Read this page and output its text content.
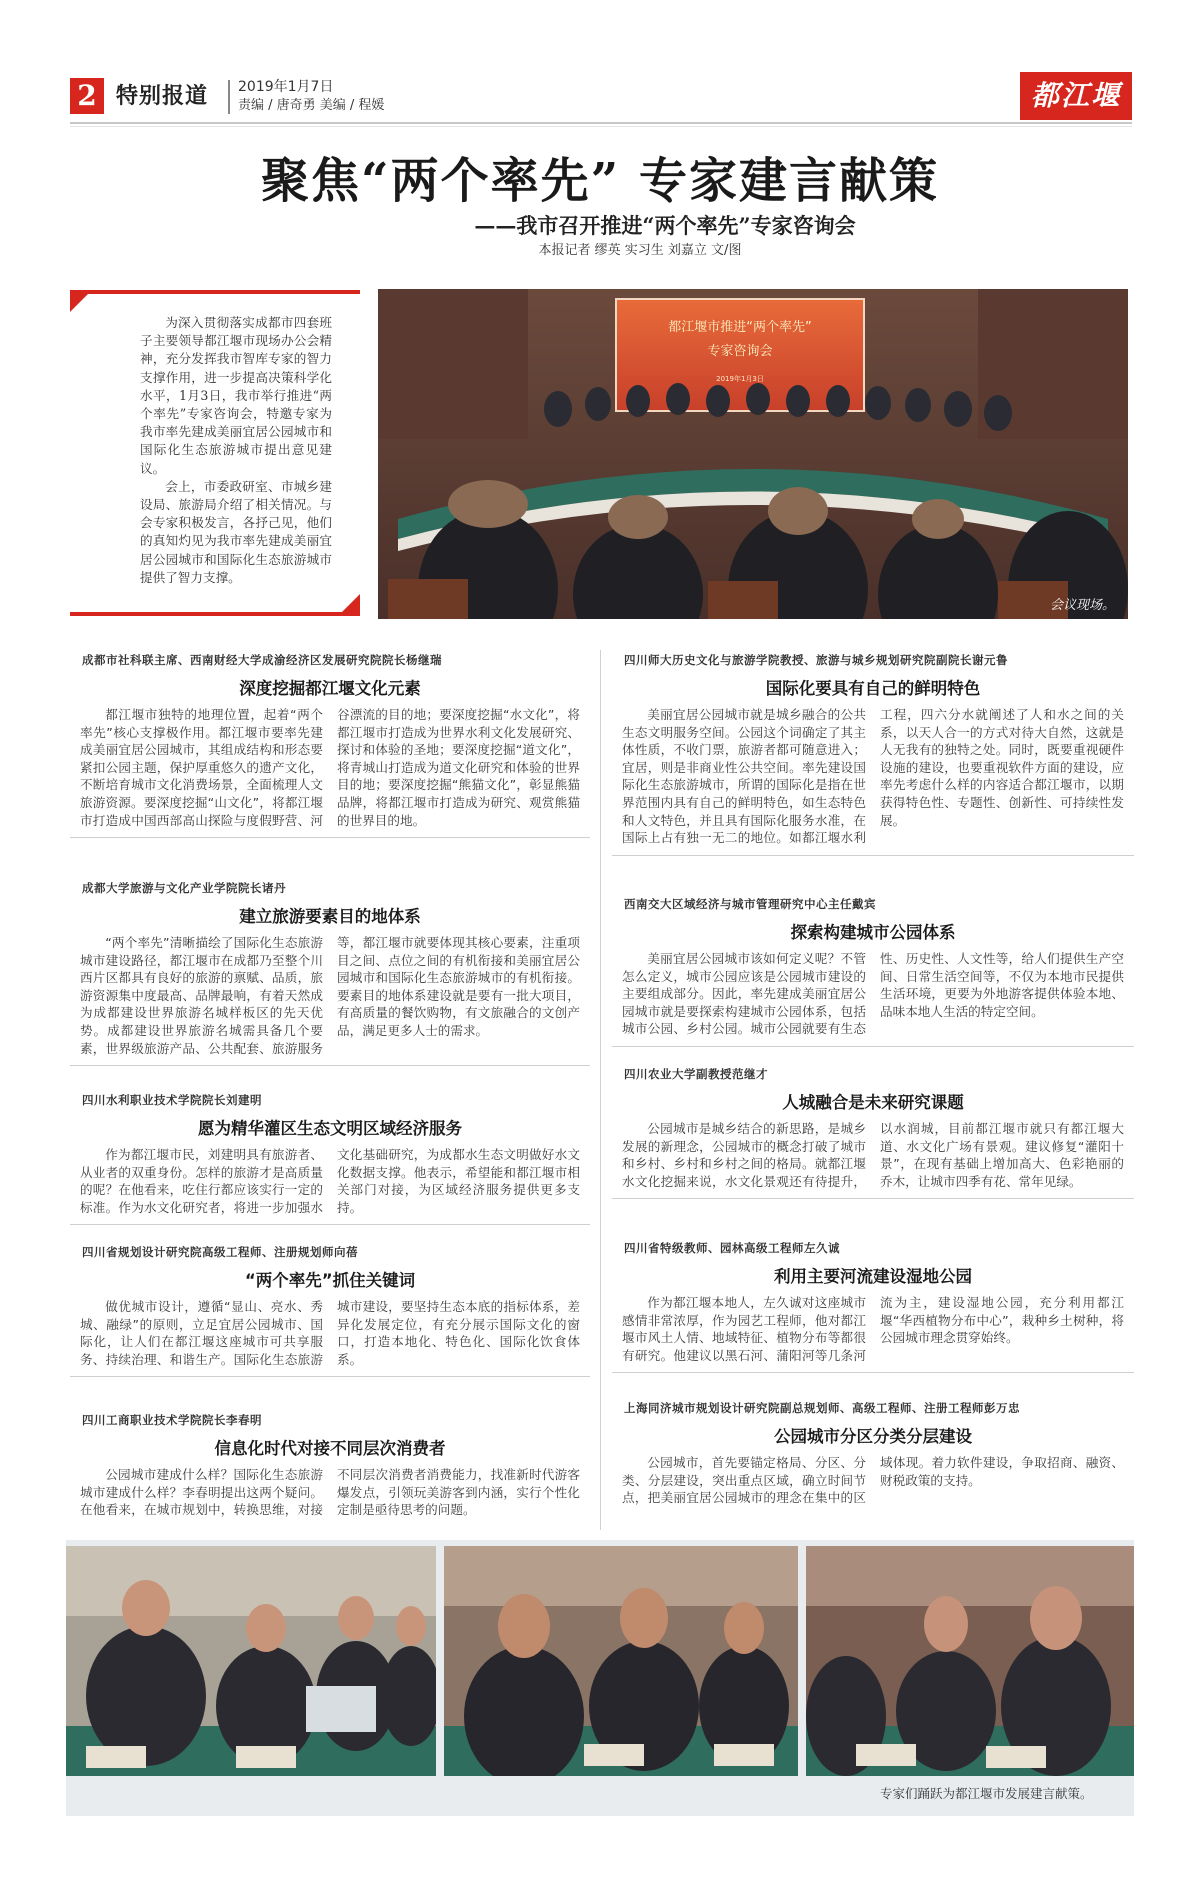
2 特别报道 2019年1月7日
责编 / 唐奇勇 美编 / 程媛	都江堰报
聚焦“两个率先” 专家建言献策
——我市召开推进“两个率先”专家咨询会
本报记者 缪英 实习生 刘嘉立 文/图

为深入贯彻落实成都市四套班子主要领导都江堰市现场办公会精神，充分发挥我市智库专家的智力支撑作用，进一步提高决策科学化水平，1月3日，我市举行推进“两个率先”专家咨询会，特邀专家为我市率先建成美丽宜居公园城市和国际化生态旅游城市提出意见建议。

会上，市委政研室、市城乡建设局、旅游局介绍了相关情况。与会专家积极发言，各抒己见，他们的真知灼见为我市率先建成美丽宜居公园城市和国际化生态旅游城市提供了智力支撑。

都江堰市推进“两个率先”
专家咨询会
2019年1月3日
会议现场。
成都市社科联主席、西南财经大学成渝经济区发展研究院院长杨继瑞
深度挖掘都江堰文化元素

都江堰市独特的地理位置，起着“两个率先”核心支撑极作用。都江堰市要率先建成美丽宜居公园城市，其组成结构和形态要紧扣公园主题，保护厚重悠久的遗产文化，不断培育城市文化消费场景，全面梳理人文旅游资源。要深度挖掘“山文化”，将都江堰市打造成中国西部高山探险与度假野营、河谷漂流的目的地；要深度挖掘“水文化”，将都江堰市打造成为世界水利文化发展研究、探讨和体验的圣地；要深度挖掘“道文化”，将青城山打造成为道文化研究和体验的世界目的地；要深度挖掘“熊猫文化”，彰显熊猫品牌，将都江堰市打造成为研究、观赏熊猫的世界目的地。

成都大学旅游与文化产业学院院长诸丹
建立旅游要素目的地体系

“两个率先”清晰描绘了国际化生态旅游城市建设路径，都江堰市在成都乃至整个川西片区都具有良好的旅游的禀赋、品质，旅游资源集中度最高、品牌最响，有着天然成为成都建设世界旅游名城样板区的先天优势。成都建设世界旅游名城需具备几个要素，世界级旅游产品、公共配套、旅游服务等，都江堰市就要体现其核心要素，注重项目之间、点位之间的有机衔接和美丽宜居公园城市和国际化生态旅游城市的有机衔接。要素目的地体系建设就是要有一批大项目，有高质量的餐饮购物，有文旅融合的文创产品，满足更多人士的需求。

四川水利职业技术学院院长刘建明
愿为精华灌区生态文明区域经济服务

作为都江堰市民，刘建明具有旅游者、从业者的双重身份。怎样的旅游才是高质量的呢？在他看来，吃住行都应该实行一定的标准。作为水文化研究者，将进一步加强水文化基础研究，为成都水生态文明做好水文化数据支撑。他表示，希望能和都江堰市相关部门对接，为区域经济服务提供更多支持。

四川省规划设计研究院高级工程师、注册规划师向蓓
“两个率先”抓住关键词

做优城市设计，遵循“显山、亮水、秀城、融绿”的原则，立足宜居公园城市、国际化，让人们在都江堰这座城市可共享服务、持续治理、和谐生产。国际化生态旅游城市建设，要坚持生态本底的指标体系，差异化发展定位，有充分展示国际文化的窗口，打造本地化、特色化、国际化饮食体系。

四川工商职业技术学院院长李春明
信息化时代对接不同层次消费者

公园城市建成什么样？国际化生态旅游城市建成什么样？李春明提出这两个疑问。在他看来，在城市规划中，转换思维，对接不同层次消费者消费能力，找准新时代游客爆发点，引领玩美游客到内涵，实行个性化定制是亟待思考的问题。

四川师大历史文化与旅游学院教授、旅游与城乡规划研究院副院长谢元鲁
国际化要具有自己的鲜明特色

美丽宜居公园城市就是城乡融合的公共生态文明服务空间。公园这个词确定了其主体性质，不收门票，旅游者都可随意进入；宜居，则是非商业性公共空间。率先建设国际化生态旅游城市，所谓的国际化是指在世界范围内具有自己的鲜明特色，如生态特色和人文特色，并且具有国际化服务水准，在国际上占有独一无二的地位。如都江堰水利工程，四六分水就阐述了人和水之间的关系，以天人合一的方式对待大自然，这就是人无我有的独特之处。同时，既要重视硬件设施的建设，也要重视软件方面的建设，应率先考虑什么样的内容适合都江堰市，以期获得特色性、专题性、创新性、可持续性发展。

西南交大区域经济与城市管理研究中心主任戴宾
探索构建城市公园体系

美丽宜居公园城市该如何定义呢？不管怎么定义，城市公园应该是公园城市建设的主要组成部分。因此，率先建成美丽宜居公园城市就是要探索构建城市公园体系，包括城市公园、乡村公园。城市公园就要有生态性、历史性、人文性等，给人们提供生产空间、日常生活空间等，不仅为本地市民提供生活环境，更要为外地游客提供体验本地、品味本地人生活的特定空间。

四川农业大学副教授范继才
人城融合是未来研究课题

公园城市是城乡结合的新思路，是城乡发展的新理念，公园城市的概念打破了城市和乡村、乡村和乡村之间的格局。就都江堰水文化挖掘来说，水文化景观还有待提升，以水润城，目前都江堰市就只有都江堰大道、水文化广场有景观。建议修复“灌阳十景”，在现有基础上增加高大、色彩艳丽的乔木，让城市四季有花、常年见绿。

四川省特级教师、园林高级工程师左久诚
利用主要河流建设湿地公园

作为都江堰本地人，左久诚对这座城市感情非常浓厚，作为园艺工程师，他对都江堰市风土人情、地域特征、植物分布等都很有研究。他建议以黑石河、蒲阳河等几条河流为主，建设湿地公园，充分利用都江堰“华西植物分布中心”，栽种乡土树种，将公园城市理念贯穿始终。

上海同济城市规划设计研究院副总规划师、高级工程师、注册工程师彭万忠
公园城市分区分类分层建设

公园城市，首先要锚定格局、分区、分类、分层建设，突出重点区域，确立时间节点，把美丽宜居公园城市的理念在集中的区域体现。着力软件建设，争取招商、融资、财税政策的支持。

专家们踊跃为都江堰市发展建言献策。
